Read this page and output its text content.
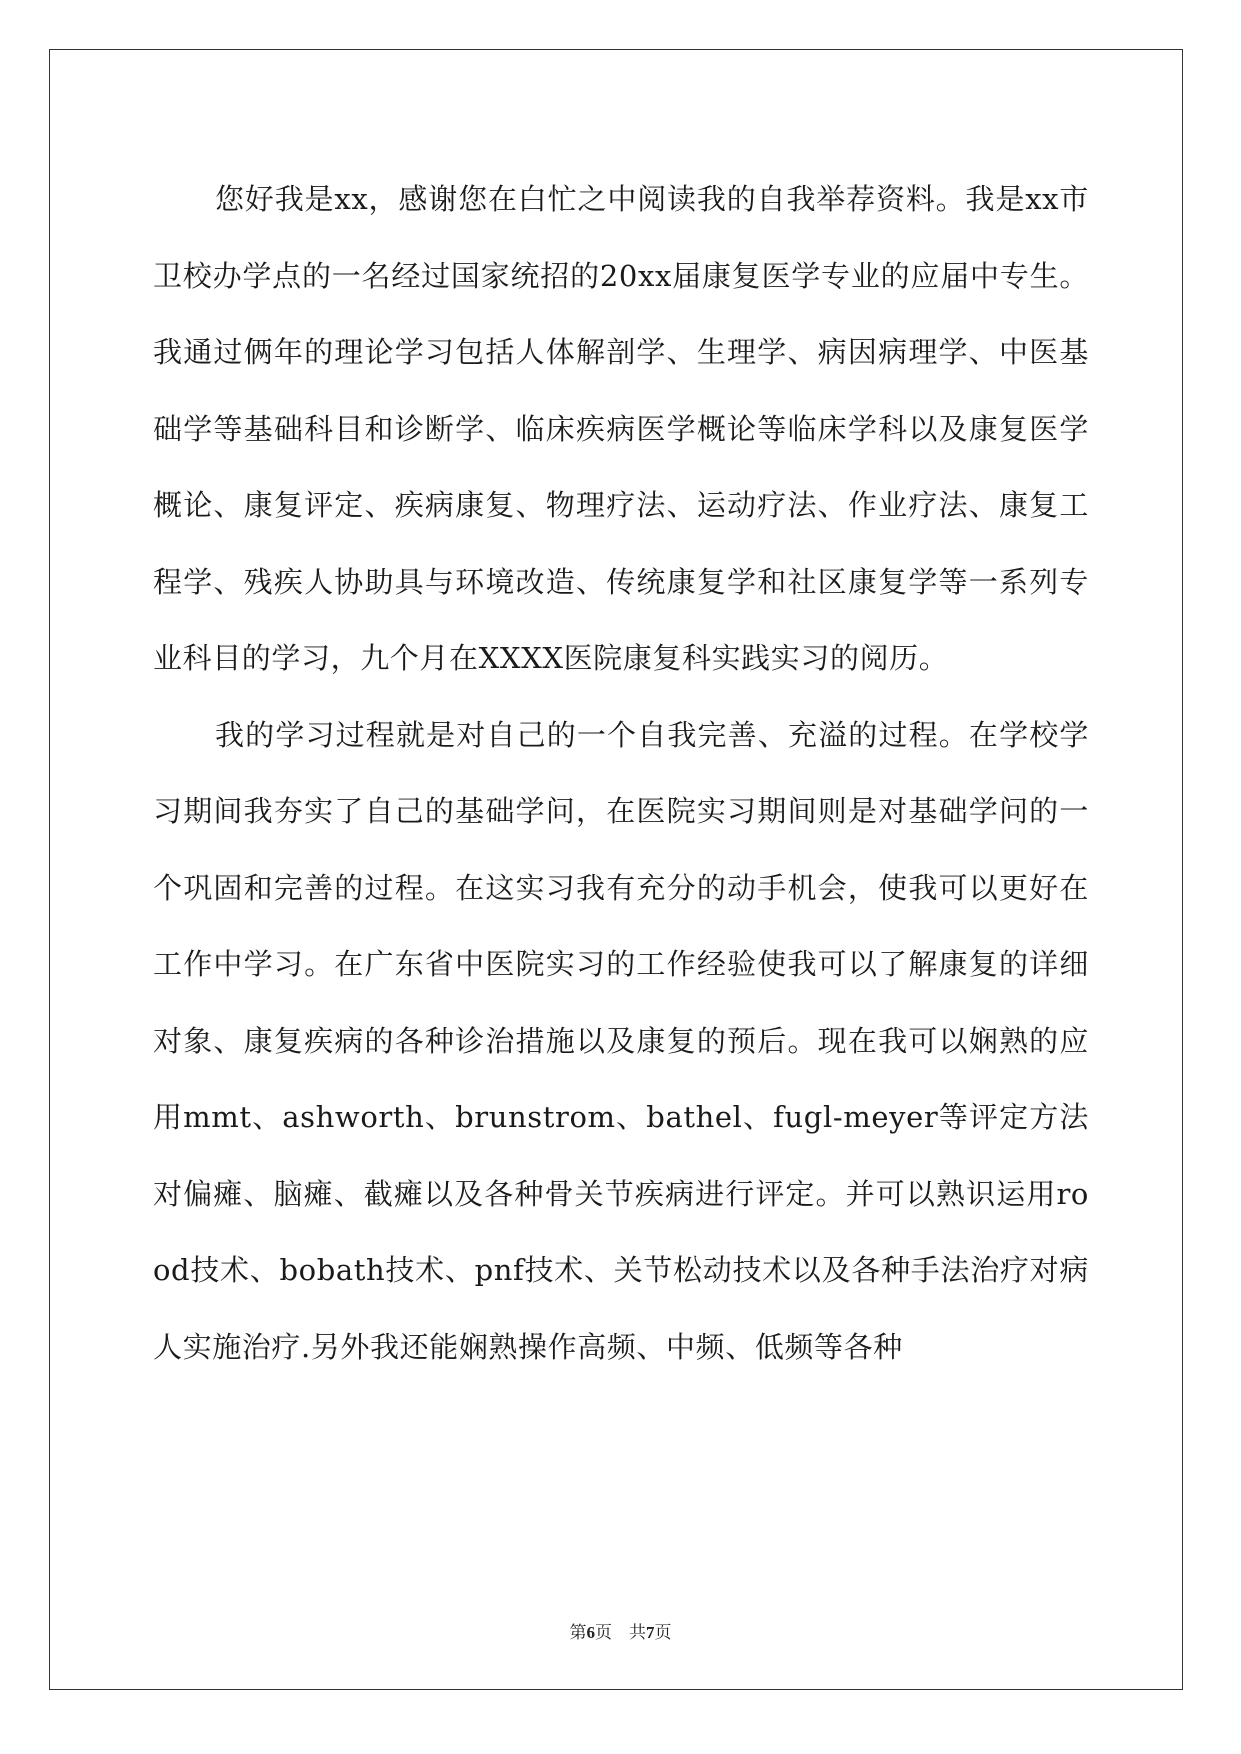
您好我是xx，感谢您在白忙之中阅读我的自我举荐资料。我是xx市卫校办学点的一名经过国家统招的20xx届康复医学专业的应届中专生。我通过俩年的理论学习包括人体解剖学、生理学、病因病理学、中医基础学等基础科目和诊断学、临床疾病医学概论等临床学科以及康复医学概论、康复评定、疾病康复、物理疗法、运动疗法、作业疗法、康复工程学、残疾人协助具与环境改造、传统康复学和社区康复学等一系列专业科目的学习，九个月在XXXX医院康复科实践实习的阅历。

我的学习过程就是对自己的一个自我完善、充溢的过程。在学校学习期间我夯实了自己的基础学问，在医院实习期间则是对基础学问的一个巩固和完善的过程。在这实习我有充分的动手机会，使我可以更好在工作中学习。在广东省中医院实习的工作经验使我可以了解康复的详细对象、康复疾病的各种诊治措施以及康复的预后。现在我可以娴熟的应用mmt、ashworth、brunstrom、bathel、fugl-meyer等评定方法对偏瘫、脑瘫、截瘫以及各种骨关节疾病进行评定。并可以熟识运用rood技术、bobath技术、pnf技术、关节松动技术以及各种手法治疗对病人实施治疗.另外我还能娴熟操作高频、中频、低频等各种

第6页　共7页
